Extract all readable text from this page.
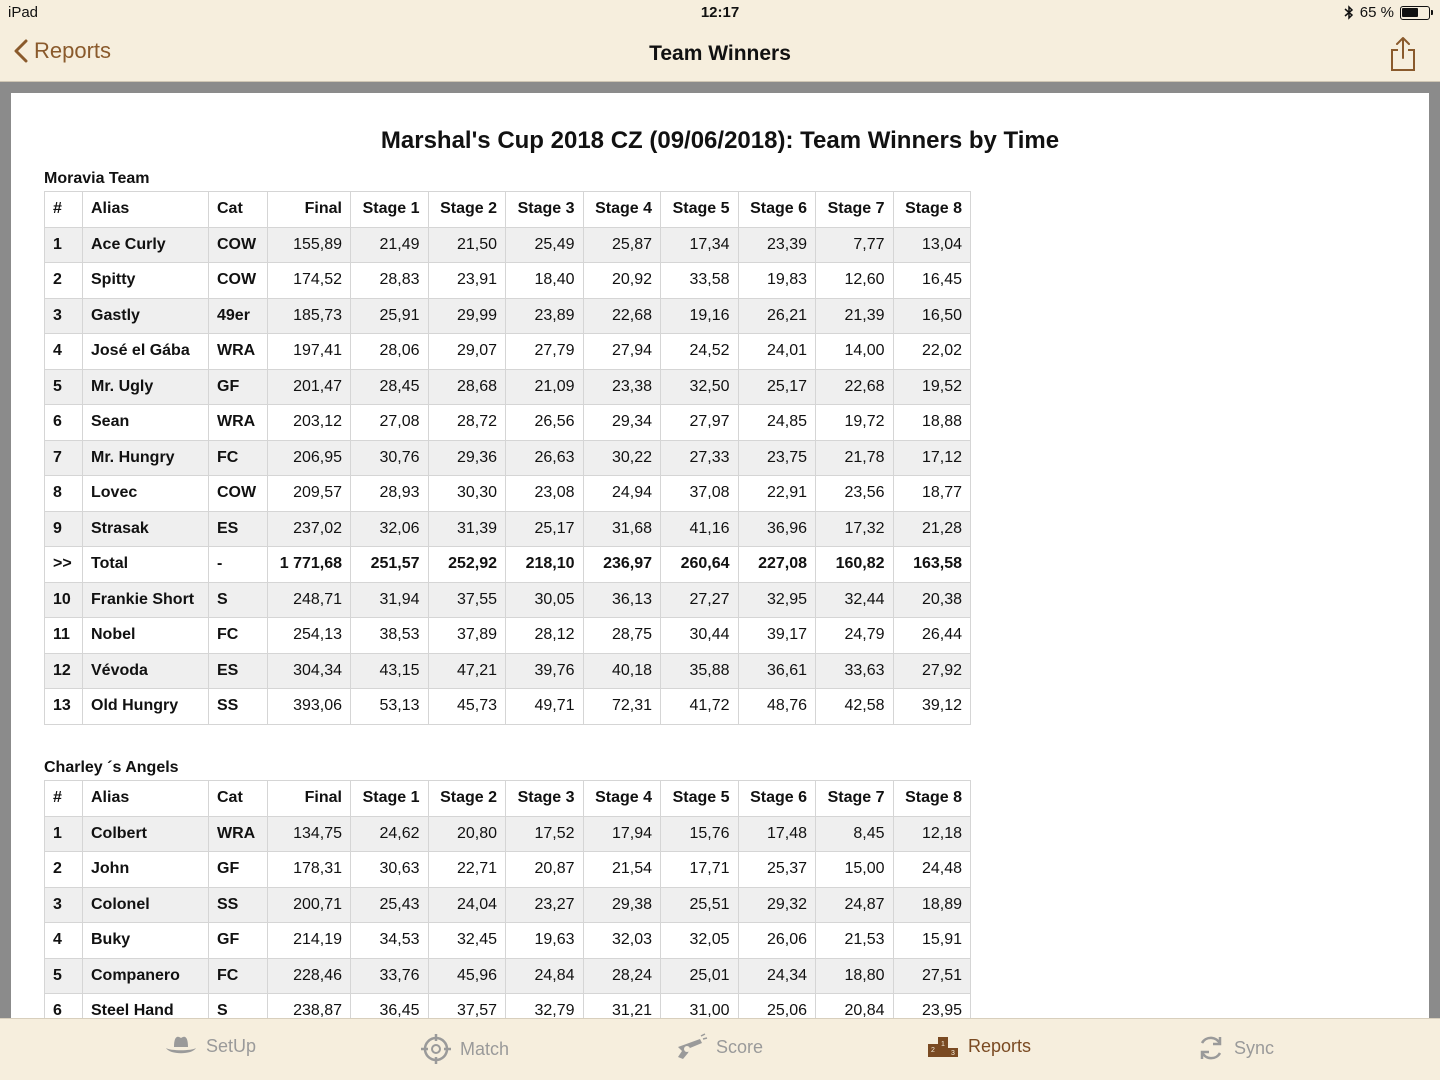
iPad	12:17	65 %
Reports	Team Winners
Marshal's Cup 2018 CZ (09/06/2018): Team Winners by Time
Moravia Team
#	Alias	Cat	Final	Stage 1	Stage 2	Stage 3	Stage 4	Stage 5	Stage 6	Stage 7	Stage 8
1	Ace Curly	COW	155,89	21,49	21,50	25,49	25,87	17,34	23,39	7,77	13,04
2	Spitty	COW	174,52	28,83	23,91	18,40	20,92	33,58	19,83	12,60	16,45
3	Gastly	49er	185,73	25,91	29,99	23,89	22,68	19,16	26,21	21,39	16,50
4	José el Gába	WRA	197,41	28,06	29,07	27,79	27,94	24,52	24,01	14,00	22,02
5	Mr. Ugly	GF	201,47	28,45	28,68	21,09	23,38	32,50	25,17	22,68	19,52
6	Sean	WRA	203,12	27,08	28,72	26,56	29,34	27,97	24,85	19,72	18,88
7	Mr. Hungry	FC	206,95	30,76	29,36	26,63	30,22	27,33	23,75	21,78	17,12
8	Lovec	COW	209,57	28,93	30,30	23,08	24,94	37,08	22,91	23,56	18,77
9	Strasak	ES	237,02	32,06	31,39	25,17	31,68	41,16	36,96	17,32	21,28
>>	Total	-	1 771,68	251,57	252,92	218,10	236,97	260,64	227,08	160,82	163,58
10	Frankie Short	S	248,71	31,94	37,55	30,05	36,13	27,27	32,95	32,44	20,38
11	Nobel	FC	254,13	38,53	37,89	28,12	28,75	30,44	39,17	24,79	26,44
12	Vévoda	ES	304,34	43,15	47,21	39,76	40,18	35,88	36,61	33,63	27,92
13	Old Hungry	SS	393,06	53,13	45,73	49,71	72,31	41,72	48,76	42,58	39,12
Charley ´s Angels
#	Alias	Cat	Final	Stage 1	Stage 2	Stage 3	Stage 4	Stage 5	Stage 6	Stage 7	Stage 8
1	Colbert	WRA	134,75	24,62	20,80	17,52	17,94	15,76	17,48	8,45	12,18
2	John	GF	178,31	30,63	22,71	20,87	21,54	17,71	25,37	15,00	24,48
3	Colonel	SS	200,71	25,43	24,04	23,27	29,38	25,51	29,32	24,87	18,89
4	Buky	GF	214,19	34,53	32,45	19,63	32,03	32,05	26,06	21,53	15,91
5	Companero	FC	228,46	33,76	45,96	24,84	28,24	25,01	24,34	18,80	27,51
6	Steel Hand	S	238,87	36,45	37,57	32,79	31,21	31,00	25,06	20,84	23,95
SetUp	Match	Score	1
2 3 Reports	Sync
